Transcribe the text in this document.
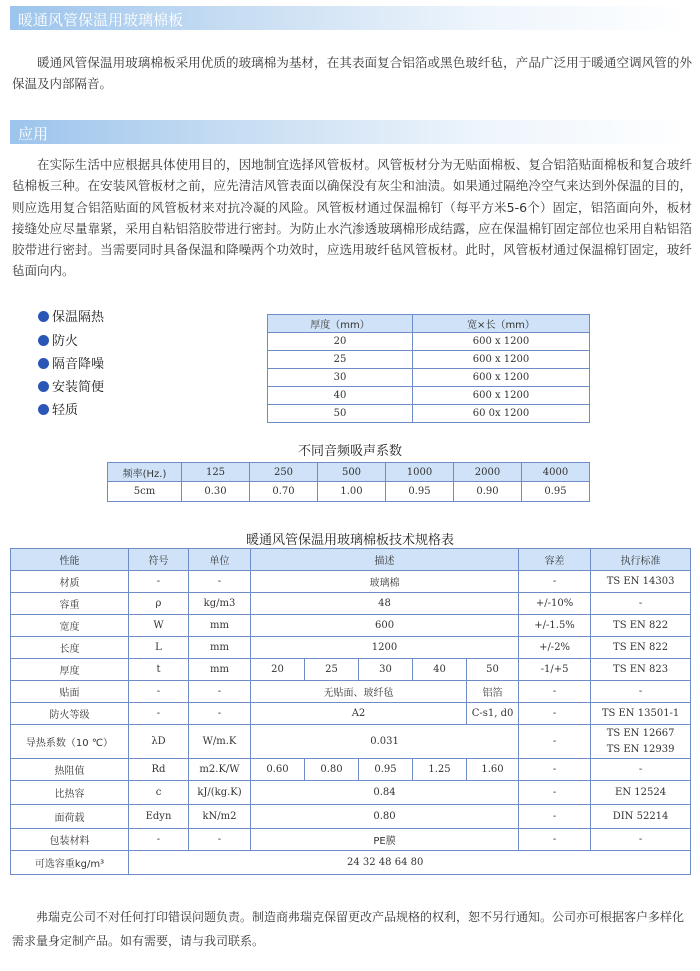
暖通风管保温用玻璃棉板
暖通风管保温用玻璃棉板采用优质的玻璃棉为基材，在其表面复合铝箔或黑色玻纤毡，产品广泛用于暖通空调风管的外保温及内部隔音。
应用
在实际生活中应根据具体使用目的，因地制宜选择风管板材。风管板材分为无贴面棉板、复合铝箔贴面棉板和复合玻纤毡棉板三种。在安装风管板材之前，应先清洁风管表面以确保没有灰尘和油渍。如果通过隔绝冷空气来达到外保温的目的，则应选用复合铝箔贴面的风管板材来对抗冷凝的风险。风管板材通过保温棉钉（每平方米5-6个）固定，铝箔面向外，板材接缝处应尽量靠紧，采用自粘铝箔胶带进行密封。为防止水汽渗透玻璃棉形成结露，应在保温棉钉固定部位也采用自粘铝箔胶带进行密封。当需要同时具备保温和降噪两个功效时，应选用玻纤毡风管板材。此时，风管板材通过保温棉钉固定，玻纤毡面向内。
保温隔热
防火
隔音降噪
安装简便
轻质
厚度（mm）	宽×长（mm）
20	600 x 1200
25	600 x 1200
30	600 x 1200
40	600 x 1200
50	60 0x 1200
不同音频吸声系数
频率(Hz.)	125	250	500	1000	2000	4000
5cm	0.30	0.70	1.00	0.95	0.90	0.95
暖通风管保温用玻璃棉板技术规格表
性能	符号	单位	描述					容差	执行标准
材质	-	-	玻璃棉					-	TS EN 14303
容重	ρ	kg/m3	48					+/-10%	-
宽度	W	mm	600					+/-1.5%	TS EN 822
长度	L	mm	1200					+/-2%	TS EN 822
厚度	t	mm	20	25	30	40	50	-1/+5	TS EN 823
贴面	-	-	无贴面、玻纤毡				铝箔	-	-
防火等级	-	-	A2				C-s1, d0	-	TS EN 13501-1
导热系数（10 ℃）	λD	W/m.K	0.031					-	TS EN 12667
TS EN 12939

热阻值	Rd	m2.K/W	0.60	0.80	0.95	1.25	1.60	-	-
比热容	c	kJ/(kg.K)	0.84					-	EN 12524
面荷载	Edyn	kN/m2	0.80					-	DIN 52214
包装材料	-	-	PE膜					-	-
可选容重kg/m³	24 32 48 64 80								
弗瑞克公司不对任何打印错误问题负责。制造商弗瑞克保留更改产品规格的权利，恕不另行通知。公司亦可根据客户多样化需求量身定制产品。如有需要，请与我司联系。
